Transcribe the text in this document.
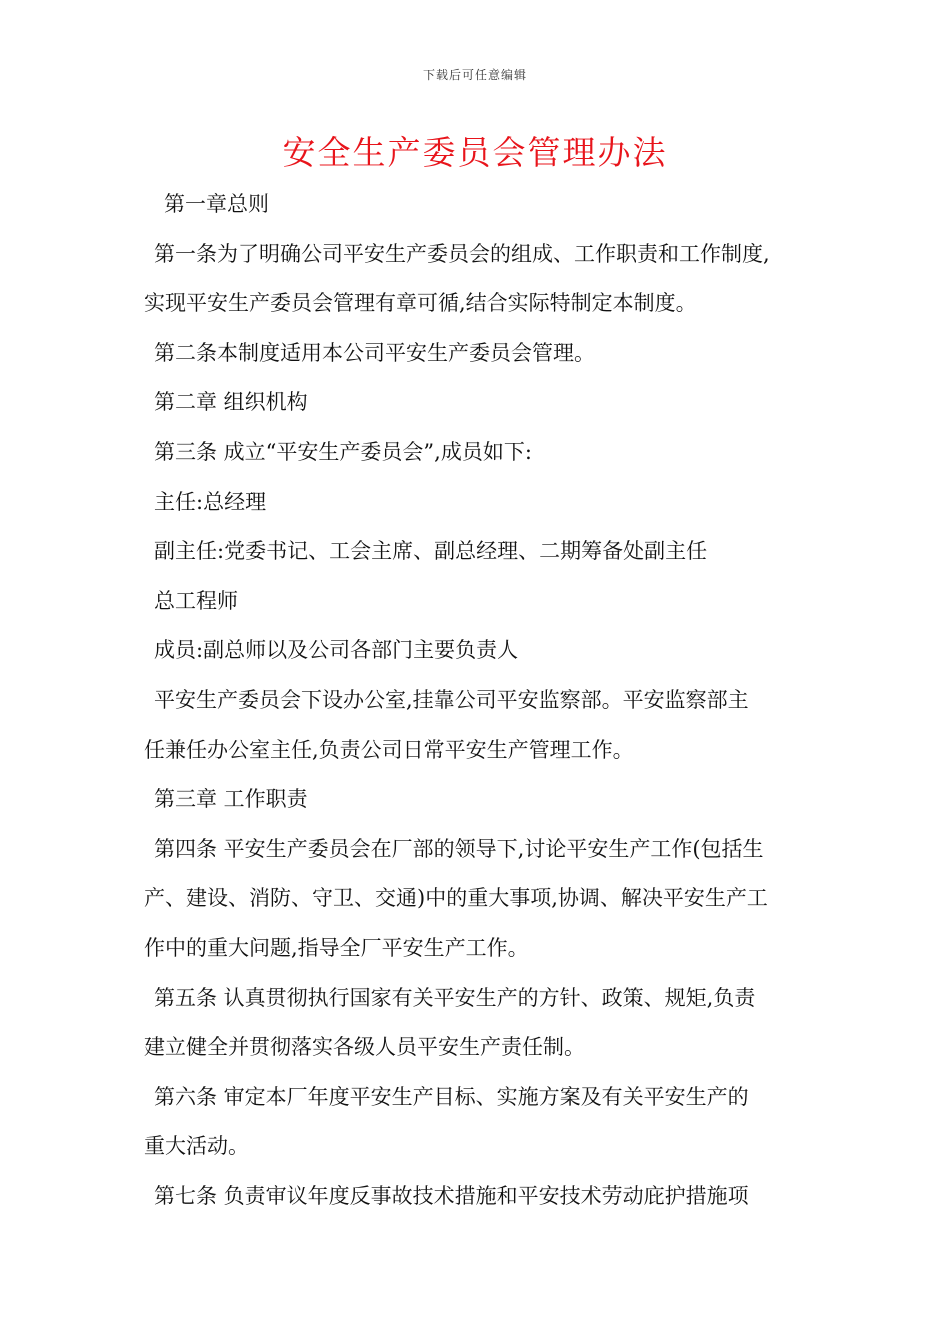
下载后可任意编辑
安全生产委员会管理办法

第一章总则

第一条为了明确公司平安生产委员会的组成、工作职责和工作制度,

实现平安生产委员会管理有章可循,结合实际特制定本制度。

第二条本制度适用本公司平安生产委员会管理。

第二章 组织机构

第三条 成立“平安生产委员会”,成员如下:

主任:总经理

副主任:党委书记、工会主席、副总经理、二期筹备处副主任

总工程师

成员:副总师以及公司各部门主要负责人

平安生产委员会下设办公室,挂靠公司平安监察部。平安监察部主

任兼任办公室主任,负责公司日常平安生产管理工作。

第三章 工作职责

第四条 平安生产委员会在厂部的领导下,讨论平安生产工作(包括生

产、建设、消防、守卫、交通)中的重大事项,协调、解决平安生产工

作中的重大问题,指导全厂平安生产工作。

第五条 认真贯彻执行国家有关平安生产的方针、政策、规矩,负责

建立健全并贯彻落实各级人员平安生产责任制。

第六条 审定本厂年度平安生产目标、实施方案及有关平安生产的

重大活动。

第七条 负责审议年度反事故技术措施和平安技术劳动庇护措施项
